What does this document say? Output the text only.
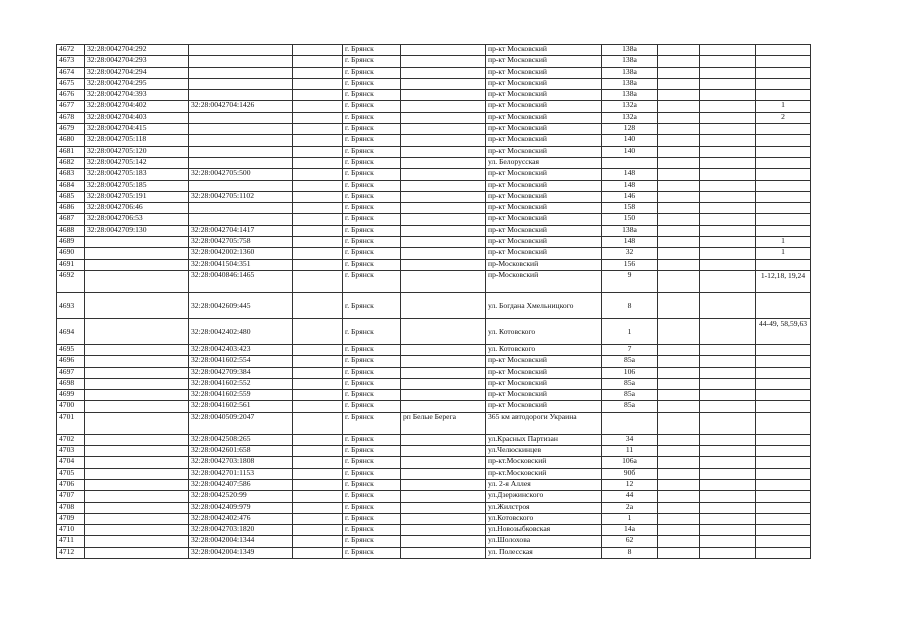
4672	32:28:0042704:292			г. Брянск		пр-кт Московский	138а			
4673	32:28:0042704:293			г. Брянск		пр-кт Московский	138а			
4674	32:28:0042704:294			г. Брянск		пр-кт Московский	138а			
4675	32:28:0042704:295			г. Брянск		пр-кт Московский	138а			
4676	32:28:0042704:393			г. Брянск		пр-кт Московский	138а			
4677	32:28:0042704:402	32:28:0042704:1426		г. Брянск		пр-кт Московский	132а			1
4678	32:28:0042704:403			г. Брянск		пр-кт Московский	132а			2
4679	32:28:0042704:415			г. Брянск		пр-кт Московский	128			
4680	32:28:0042705:118			г. Брянск		пр-кт Московский	140			
4681	32:28:0042705:120			г. Брянск		пр-кт Московский	140			
4682	32:28:0042705:142			г. Брянск		ул. Белорусская				
4683	32:28:0042705:183	32:28:0042705:500		г. Брянск		пр-кт Московский	148			
4684	32:28:0042705:185			г. Брянск		пр-кт Московский	148			
4685	32:28:0042705:191	32:28:0042705:1102		г. Брянск		пр-кт Московский	146			
4686	32:28:0042706:46			г. Брянск		пр-кт Московский	158			
4687	32:28:0042706:53			г. Брянск		пр-кт Московский	150			
4688	32:28:0042709:130	32:28:0042704:1417		г. Брянск		пр-кт Московский	138а			
4689		32:28:0042705:758		г. Брянск		пр-кт Московский	148			1
4690		32:28:0042002:1360		г. Брянск		пр-кт Московский	32			1
4691		32:28:0041504:351		г. Брянск		пр-Московский	156			
4692		32:28:0040846:1465		г. Брянск		пр-Московский	9			1-12,18, 19,24
4693		32:28:0042609:445		г. Брянск		ул. Богдана Хмельницкого	8			
4694		32:28:0042402:480		г. Брянск		ул. Котовского	1			44-49, 58,59,63
4695		32:28:0042403:423		г. Брянск		ул. Котовского	7			
4696		32:28:0041602:554		г. Брянск		пр-кт Московский	85а			
4697		32:28:0042709:384		г. Брянск		пр-кт Московский	106			
4698		32:28:0041602:552		г. Брянск		пр-кт Московский	85а			
4699		32:28:0041602:559		г. Брянск		пр-кт Московский	85а			
4700		32:28:0041602:561		г. Брянск		пр-кт Московский	85а			
4701		32:28:0040509:2047		г. Брянск	рп Белые Берега	365 км автодороги Украина				
4702		32:28:0042508:265		г. Брянск		ул.Красных Партизан	34			
4703		32:28:0042601:658		г. Брянск		ул.Челюскинцев	11			
4704		32:28:0042703:1808		г. Брянск		пр-кт.Московский	106а			
4705		32:28:0042701:1153		г. Брянск		пр-кт.Московский	90б			
4706		32:28:0042407:586		г. Брянск		ул. 2-я Аллея	12			
4707		32:28:0042520:99		г. Брянск		ул.Дзержинского	44			
4708		32:28:0042409:979		г. Брянск		ул.Жилстроя	2а			
4709		32:28:0042402:476		г. Брянск		ул.Котовского	1			
4710		32:28:0042703:1820		г. Брянск		ул.Новозыбковская	14а			
4711		32:28:0042004:1344		г. Брянск		ул.Шолохова	62			
4712		32:28:0042004:1349		г. Брянск		ул. Полесская	8			
